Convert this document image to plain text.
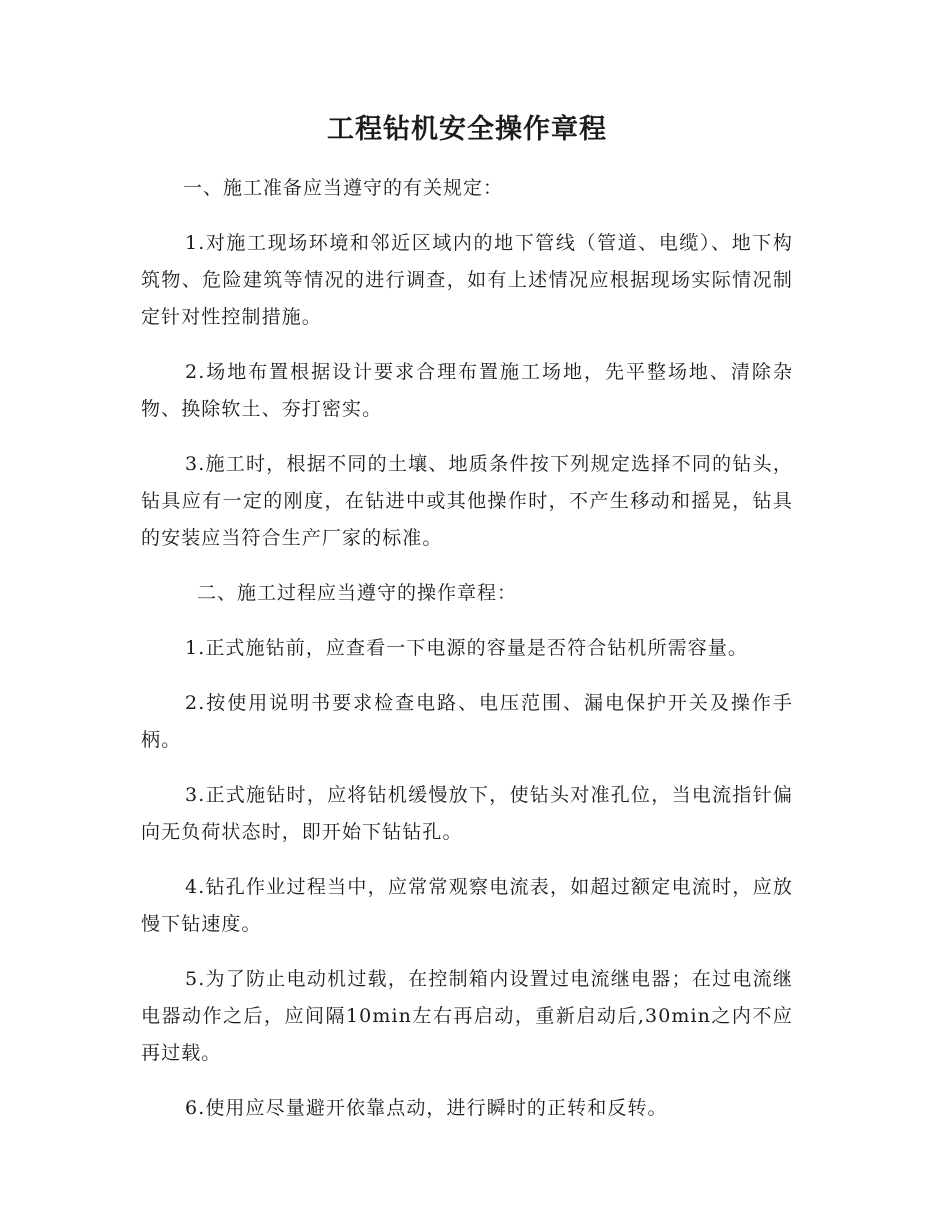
工程钻机安全操作章程
一、施工准备应当遵守的有关规定：

1.对施工现场环境和邻近区域内的地下管线（管道、电缆）、地下构筑物、危险建筑等情况的进行调查，如有上述情况应根据现场实际情况制定针对性控制措施。

2.场地布置根据设计要求合理布置施工场地，先平整场地、清除杂物、换除软土、夯打密实。

3.施工时，根据不同的土壤、地质条件按下列规定选择不同的钻头，钻具应有一定的刚度，在钻进中或其他操作时，不产生移动和摇晃，钻具的安装应当符合生产厂家的标准。

二、施工过程应当遵守的操作章程：

1.正式施钻前，应查看一下电源的容量是否符合钻机所需容量。

2.按使用说明书要求检查电路、电压范围、漏电保护开关及操作手柄。

3.正式施钻时，应将钻机缓慢放下，使钻头对准孔位，当电流指针偏向无负荷状态时，即开始下钻钻孔。

4.钻孔作业过程当中，应常常观察电流表，如超过额定电流时，应放慢下钻速度。

5.为了防止电动机过载，在控制箱内设置过电流继电器；在过电流继电器动作之后，应间隔10min左右再启动，重新启动后,30min之内不应再过载。

6.使用应尽量避开依靠点动，进行瞬时的正转和反转。
